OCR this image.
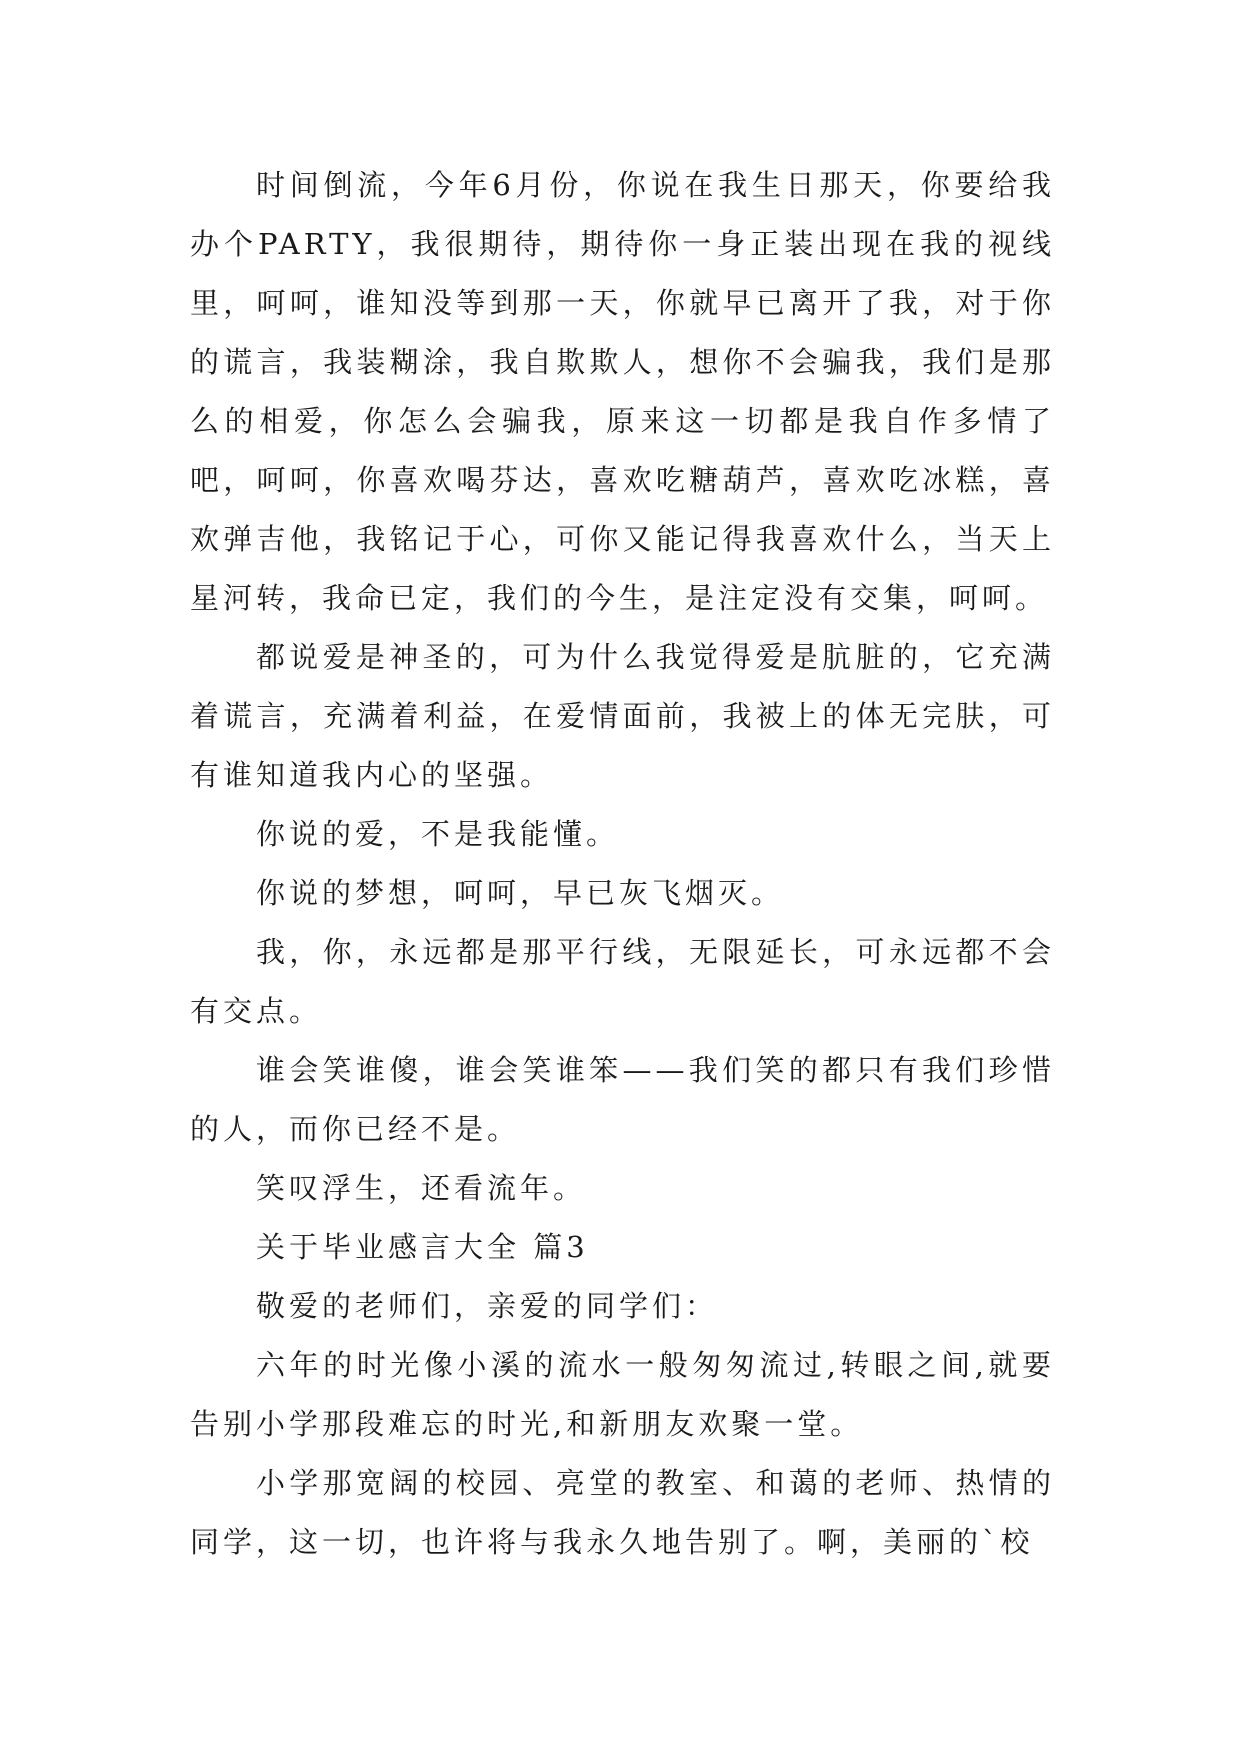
时间倒流，今年6月份，你说在我生日那天，你要给我办个PARTY，我很期待，期待你一身正装出现在我的视线里，呵呵，谁知没等到那一天，你就早已离开了我，对于你的谎言，我装糊涂，我自欺欺人，想你不会骗我，我们是那么的相爱，你怎么会骗我，原来这一切都是我自作多情了吧，呵呵，你喜欢喝芬达，喜欢吃糖葫芦，喜欢吃冰糕，喜欢弹吉他，我铭记于心，可你又能记得我喜欢什么，当天上星河转，我命已定，我们的今生，是注定没有交集，呵呵。

都说爱是神圣的，可为什么我觉得爱是肮脏的，它充满着谎言，充满着利益，在爱情面前，我被上的体无完肤，可有谁知道我内心的坚强。

你说的爱，不是我能懂。

你说的梦想，呵呵，早已灰飞烟灭。

我，你，永远都是那平行线，无限延长，可永远都不会有交点。

谁会笑谁傻，谁会笑谁笨——我们笑的都只有我们珍惜的人，而你已经不是。

笑叹浮生，还看流年。

关于毕业感言大全 篇3

敬爱的老师们，亲爱的同学们：

六年的时光像小溪的流水一般匆匆流过,转眼之间,就要告别小学那段难忘的时光,和新朋友欢聚一堂。

小学那宽阔的校园、亮堂的教室、和蔼的老师、热情的同学，这一切，也许将与我永久地告别了。啊，美丽的`校
